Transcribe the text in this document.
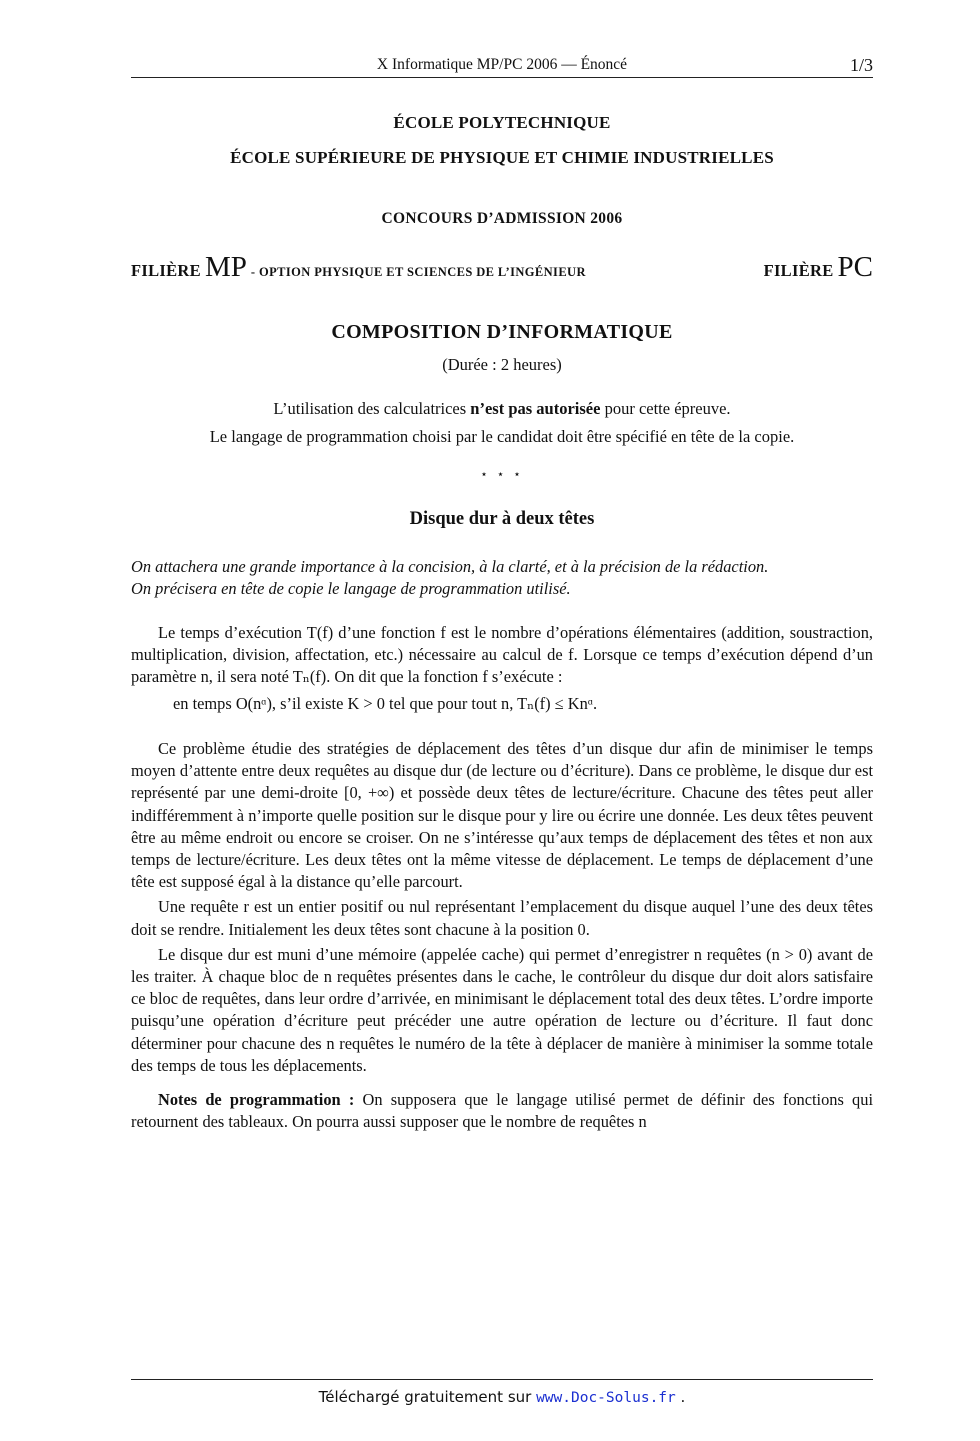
X Informatique MP/PC 2006 — Énoncé	1/3
ÉCOLE POLYTECHNIQUE
ÉCOLE SUPÉRIEURE DE PHYSIQUE ET CHIMIE INDUSTRIELLES
CONCOURS D’ADMISSION 2006
FILIÈRE MP - OPTION PHYSIQUE ET SCIENCES DE L’INGÉNIEUR	FILIÈRE PC
COMPOSITION D’INFORMATIQUE
(Durée : 2 heures)
L’utilisation des calculatrices n’est pas autorisée pour cette épreuve.
Le langage de programmation choisi par le candidat doit être spécifié en tête de la copie.
⋆ ⋆ ⋆
Disque dur à deux têtes

On attachera une grande importance à la concision, à la clarté, et à la précision de la rédaction.

On précisera en tête de copie le langage de programmation utilisé.

Le temps d’exécution T(f) d’une fonction f est le nombre d’opérations élémentaires (addition, soustraction, multiplication, division, affectation, etc.) nécessaire au calcul de f. Lorsque ce temps d’exécution dépend d’un paramètre n, il sera noté Tₙ(f). On dit que la fonction f s’exécute :

en temps O(nᵅ), s’il existe K > 0 tel que pour tout n, Tₙ(f) ≤ Knᵅ.

Ce problème étudie des stratégies de déplacement des têtes d’un disque dur afin de minimiser le temps moyen d’attente entre deux requêtes au disque dur (de lecture ou d’écriture). Dans ce problème, le disque dur est représenté par une demi-droite [0, +∞) et possède deux têtes de lecture/écriture. Chacune des têtes peut aller indifféremment à n’importe quelle position sur le disque pour y lire ou écrire une donnée. Les deux têtes peuvent être au même endroit ou encore se croiser. On ne s’intéresse qu’aux temps de déplacement des têtes et non aux temps de lecture/écriture. Les deux têtes ont la même vitesse de déplacement. Le temps de déplacement d’une tête est supposé égal à la distance qu’elle parcourt.

Une requête r est un entier positif ou nul représentant l’emplacement du disque auquel l’une des deux têtes doit se rendre. Initialement les deux têtes sont chacune à la position 0.

Le disque dur est muni d’une mémoire (appelée cache) qui permet d’enregistrer n requêtes (n > 0) avant de les traiter. À chaque bloc de n requêtes présentes dans le cache, le contrôleur du disque dur doit alors satisfaire ce bloc de requêtes, dans leur ordre d’arrivée, en minimisant le déplacement total des deux têtes. L’ordre importe puisqu’une opération d’écriture peut précéder une autre opération de lecture ou d’écriture. Il faut donc déterminer pour chacune des n requêtes le numéro de la tête à déplacer de manière à minimiser la somme totale des temps de tous les déplacements.

Notes de programmation : On supposera que le langage utilisé permet de définir des fonctions qui retournent des tableaux. On pourra aussi supposer que le nombre de requêtes n

Téléchargé gratuitement sur www.Doc-Solus.fr .
